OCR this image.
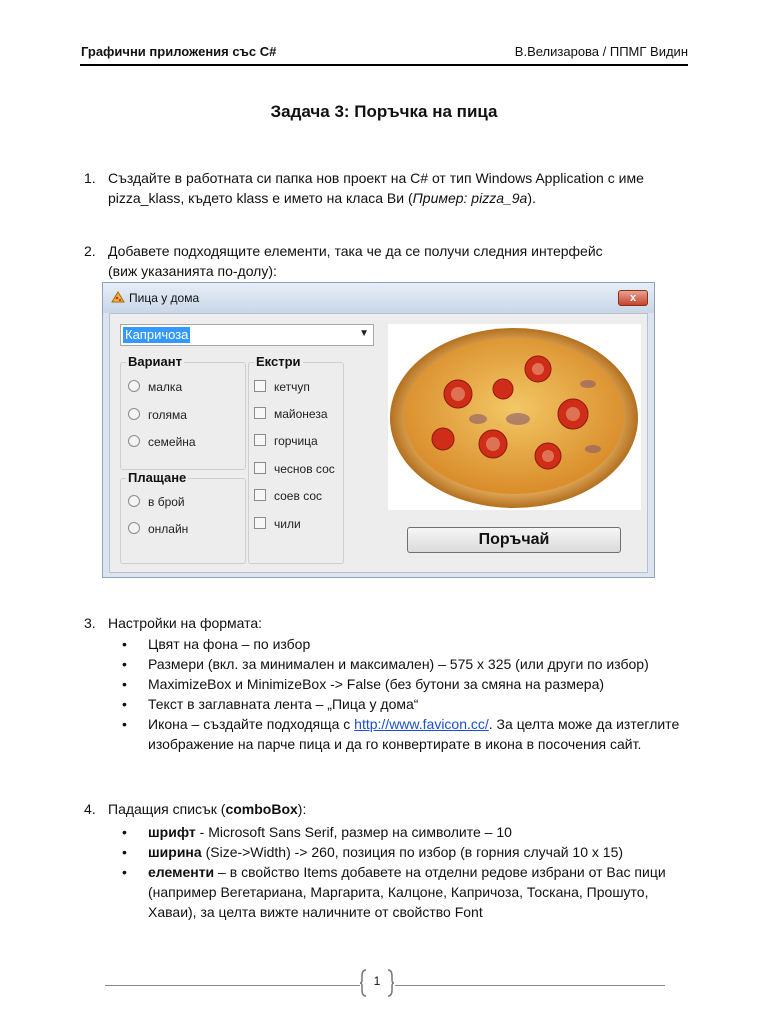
Графични приложения със C#	В.Велизарова / ППМГ Видин
Задача 3: Поръчка на пица
1. Създайте в работната си папка нов проект на C# от тип Windows Application с име
pizza_klass, където klass е името на класа Ви (Пример: pizza_9a).
2. Добавете подходящите елементи, така че да се получи следния интерфейс
(виж указанията по-долу):
Пица у дома	x
Капричоза	▼
Вариант
малка
голяма
семейна
Плащане
в брой
онлайн
Екстри
кетчуп
майонеза
горчица
чеснов сос
соев сос
чили
Поръчай
3. Настройки на формата:

• Цвят на фона – по избор

• Размери (вкл. за минимален и максимален) – 575 x 325 (или други по избор)

• MaximizeBox и MinimizeBox -> False (без бутони за смяна на размера)

• Текст в заглавната лента – „Пица у дома“

• Икона – създайте подходяща с http://www.favicon.cc/. За целта може да изтеглите изображение на парче пица и да го конвертирате в икона в посочения сайт.

4. Падащия списък (comboBox):

• шрифт - Microsoft Sans Serif, размер на символите – 10

• ширина (Size->Width) -> 260, позиция по избор (в горния случай 10 x 15)

• елементи – в свойство Items добавете на отделни редове избрани от Вас пици (например Вегетариана, Маргарита, Калцоне, Капричоза, Тоскана, Прошуто, Хаваи), за целта вижте наличните от свойство Font

1
